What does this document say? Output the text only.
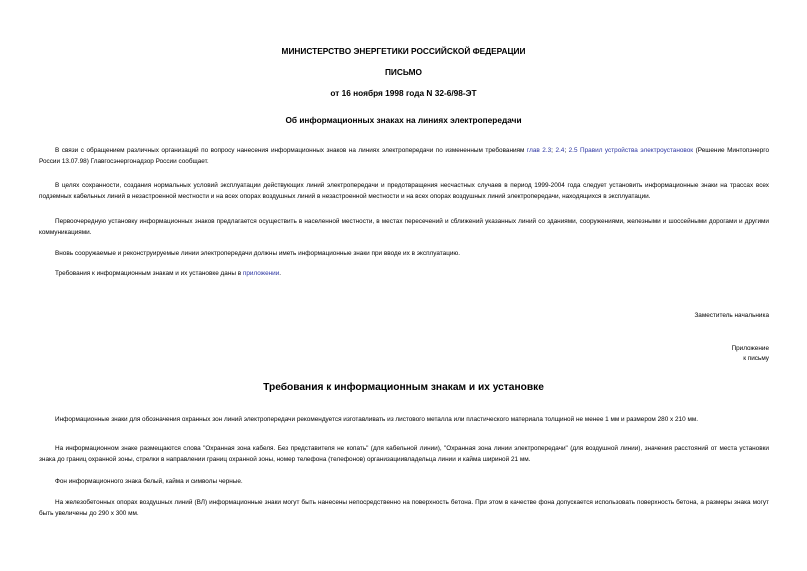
МИНИСТЕРСТВО ЭНЕРГЕТИКИ РОССИЙСКОЙ ФЕДЕРАЦИИ
ПИСЬМО
от 16 ноября 1998 года N 32-6/98-ЭТ
Об информационных знаках на линиях электропередачи
В связи с обращением различных организаций по вопросу нанесения информационных знаков на линиях электропередачи по измененным требованиям глав 2.3; 2.4; 2.5 Правил устройства электроустановок (Решение Минтопэнерго России 13.07.98) Главгосэнергонадзор России сообщает.
В целях сохранности, создания нормальных условий эксплуатации действующих линий электропередачи и предотвращения несчастных случаев в период 1999-2004 года следует установить информационные знаки на трассах всех подземных кабельных линий в незастроенной местности и на всех опорах воздушных линий в незастроенной местности и на всех опорах воздушных линий электропередачи, находящихся в эксплуатации.
Первоочередную установку информационных знаков предлагается осуществить в населенной местности, в местах пересечений и сближений указанных линий со зданиями, сооружениями, железными и шоссейными дорогами и другими коммуникациями.
Вновь сооружаемые и реконструируемые линии электропередачи должны иметь информационные знаки при вводе их в эксплуатацию.
Требования к информационным знакам и их установке даны в приложении.
Заместитель начальника
Приложение
к письму
Требования к информационным знакам и их установке
Информационные знаки для обозначения охранных зон линий электропередачи рекомендуется изготавливать из листового металла или пластического материала толщиной не менее 1 мм и размером 280 х 210 мм.
На информационном знаке размещаются слова "Охранная зона кабеля. Без представителя не копать" (для кабельной линии), "Охранная зона линии электропередачи" (для воздушной линии), значения расстояний от места установки знака до границ охранной зоны, стрелки в направлении границ охранной зоны, номер телефона (телефонов) организациивладельца линии и кайма шириной 21 мм.
Фон информационного знака белый, кайма и символы черные.
На железобетонных опорах воздушных линий (ВЛ) информационные знаки могут быть нанесены непосредственно на поверхность бетона. При этом в качестве фона допускается использовать поверхность бетона, а размеры знака могут быть увеличены до 290 х 300 мм.
